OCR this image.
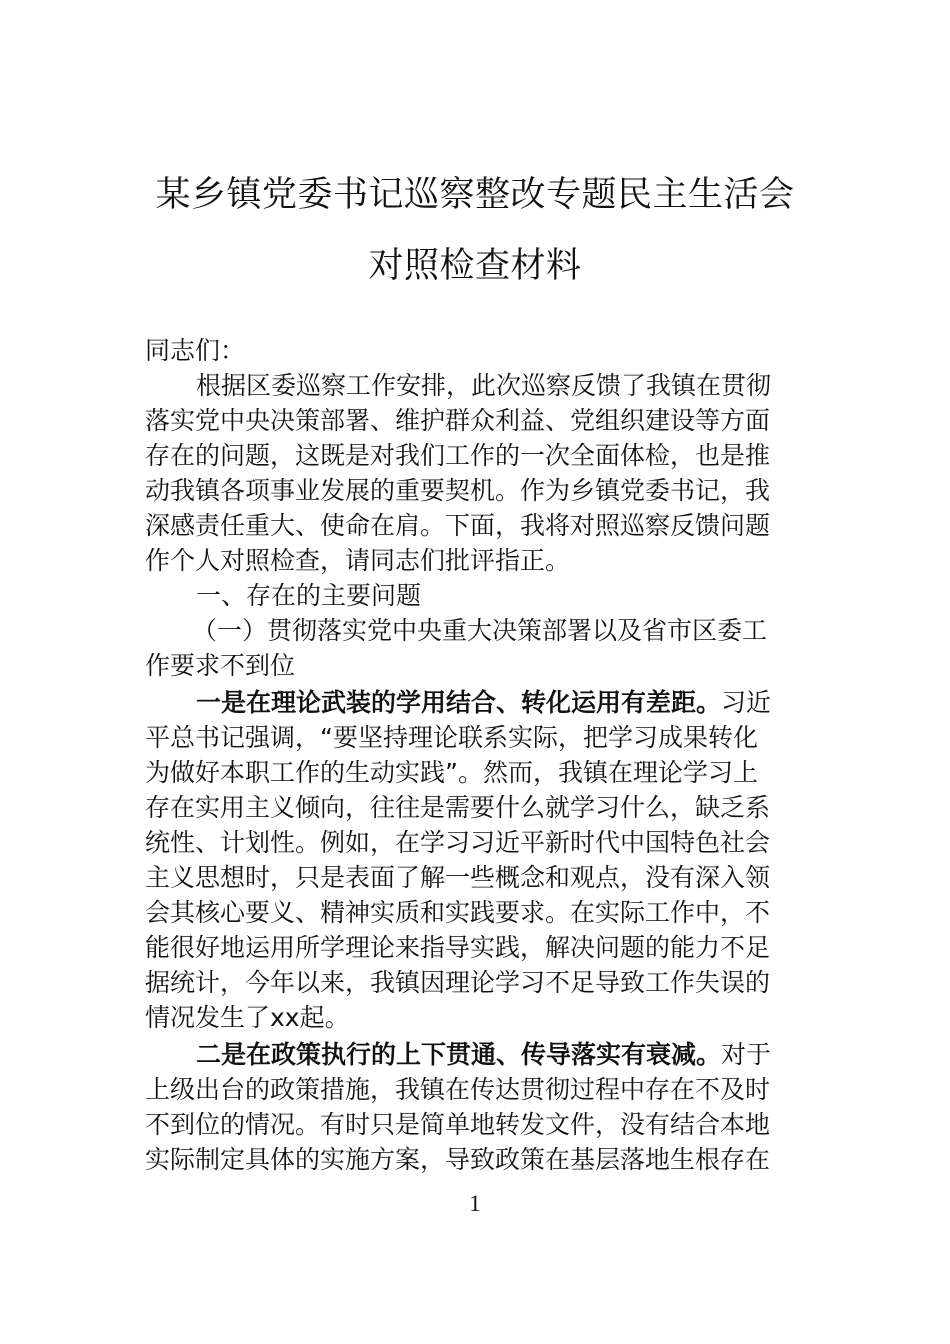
某乡镇党委书记巡察整改专题民主生活会
对照检查材料
同志们：
根据区委巡察工作安排，此次巡察反馈了我镇在贯彻
落实党中央决策部署、维护群众利益、党组织建设等方面
存在的问题，这既是对我们工作的一次全面体检，也是推
动我镇各项事业发展的重要契机。作为乡镇党委书记，我
深感责任重大、使命在肩。下面，我将对照巡察反馈问题
作个人对照检查，请同志们批评指正。
一、存在的主要问题
（一）贯彻落实党中央重大决策部署以及省市区委工
作要求不到位
一是在理论武装的学用结合、转化运用有差距。习近
平总书记强调，“要坚持理论联系实际，把学习成果转化
为做好本职工作的生动实践”。然而，我镇在理论学习上
存在实用主义倾向，往往是需要什么就学习什么，缺乏系
统性、计划性。例如，在学习习近平新时代中国特色社会
主义思想时，只是表面了解一些概念和观点，没有深入领
会其核心要义、精神实质和实践要求。在实际工作中，不
能很好地运用所学理论来指导实践，解决问题的能力不足
据统计，今年以来，我镇因理论学习不足导致工作失误的
情况发生了xx起。
二是在政策执行的上下贯通、传导落实有衰减。对于
上级出台的政策措施，我镇在传达贯彻过程中存在不及时
不到位的情况。有时只是简单地转发文件，没有结合本地
实际制定具体的实施方案，导致政策在基层落地生根存在
1
